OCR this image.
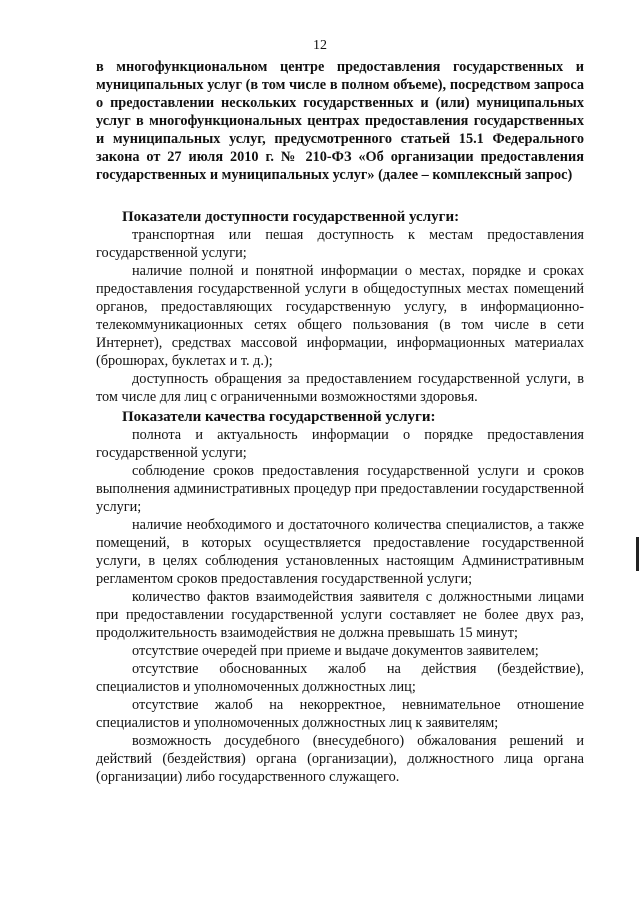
12

в многофункциональном центре предоставления государственных и муниципальных услуг (в том числе в полном объеме), посредством запроса о предоставлении нескольких государственных и (или) муниципальных услуг в многофункциональных центрах предоставления государственных и муниципальных услуг, предусмотренного статьей 15.1 Федерального закона от 27 июля 2010 г. № 210-ФЗ «Об организации предоставления государственных и муниципальных услуг» (далее – комплексный запрос)

Показатели доступности государственной услуги:

транспортная или пешая доступность к местам предоставления государственной услуги;

наличие полной и понятной информации о местах, порядке и сроках предоставления государственной услуги в общедоступных местах помещений органов, предоставляющих государственную услугу, в информационно-телекоммуникационных сетях общего пользования (в том числе в сети Интернет), средствах массовой информации, информационных материалах (брошюрах, буклетах и т. д.);

доступность обращения за предоставлением государственной услуги, в том числе для лиц с ограниченными возможностями здоровья.

Показатели качества государственной услуги:

полнота и актуальность информации о порядке предоставления государственной услуги;

соблюдение сроков предоставления государственной услуги и сроков выполнения административных процедур при предоставлении государственной услуги;

наличие необходимого и достаточного количества специалистов, а также помещений, в которых осуществляется предоставление государственной услуги, в целях соблюдения установленных настоящим Административным регламентом сроков предоставления государственной услуги;

количество фактов взаимодействия заявителя с должностными лицами при предоставлении государственной услуги составляет не более двух раз, продолжительность взаимодействия не должна превышать 15 минут;

отсутствие очередей при приеме и выдаче документов заявителем;

отсутствие обоснованных жалоб на действия (бездействие), специалистов и уполномоченных должностных лиц;

отсутствие жалоб на некорректное, невнимательное отношение специалистов и уполномоченных должностных лиц к заявителям;

возможность досудебного (внесудебного) обжалования решений и действий (бездействия) органа (организации), должностного лица органа (организации) либо государственного служащего.
